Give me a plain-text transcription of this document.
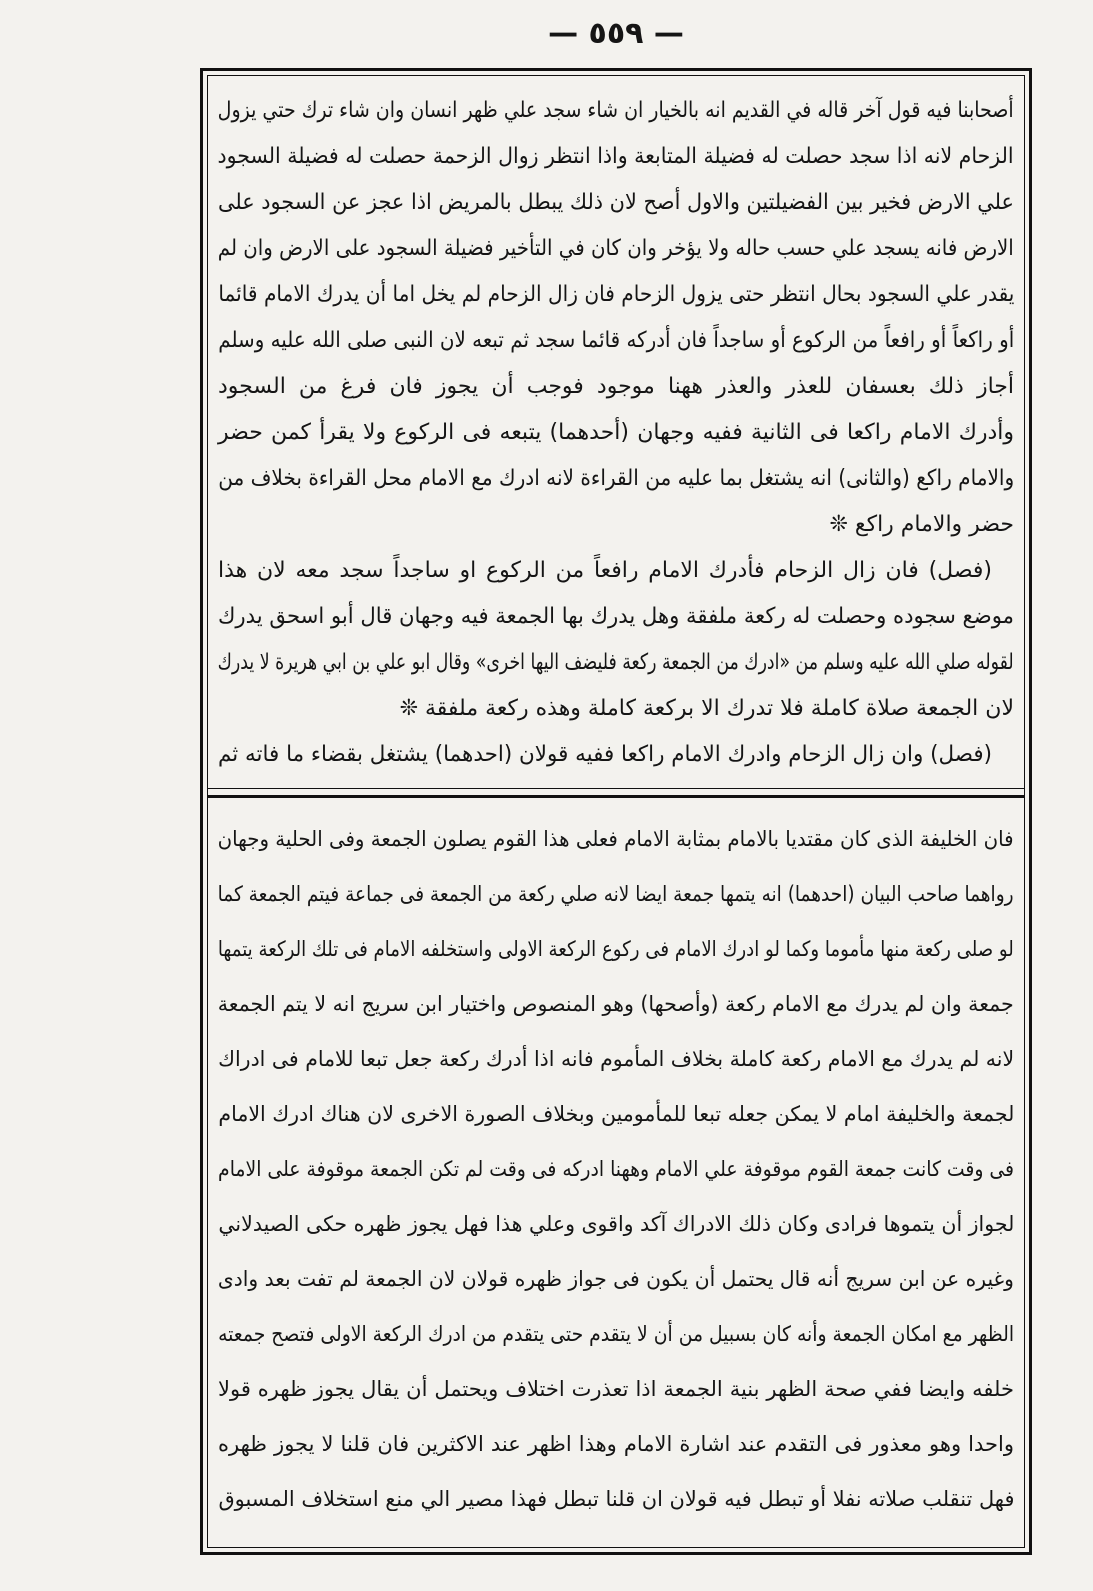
— ٥٥٩ —
أصحابنا فيه قول آخر قاله في القديم انه بالخيار ان شاء سجد علي ظهر انسان وان شاء ترك حتي يزول
الزحام لانه اذا سجد حصلت له فضيلة المتابعة واذا انتظر زوال الزحمة حصلت له فضيلة السجود
علي الارض فخير بين الفضيلتين والاول أصح لان ذلك يبطل بالمريض اذا عجز عن السجود على
الارض فانه يسجد علي حسب حاله ولا يؤخر وان كان في التأخير فضيلة السجود على الارض وان لم
يقدر علي السجود بحال انتظر حتى يزول الزحام فان زال الزحام لم يخل اما أن يدرك الامام قائما
أو راكعاً أو رافعاً من الركوع أو ساجداً فان أدركه قائما سجد ثم تبعه لان النبى صلى الله عليه وسلم
أجاز ذلك بعسفان للعذر والعذر ههنا موجود فوجب أن يجوز فان فرغ من السجود
وأدرك الامام راكعا فى الثانية ففيه وجهان (أحدهما) يتبعه فى الركوع ولا يقرأ كمن حضر
والامام راكع (والثانى) انه يشتغل بما عليه من القراءة لانه ادرك مع الامام محل القراءة بخلاف من
حضر والامام راكع ❊
(فصل) فان زال الزحام فأدرك الامام رافعاً من الركوع او ساجداً سجد معه لان هذا
موضع سجوده وحصلت له ركعة ملفقة وهل يدرك بها الجمعة فيه وجهان قال أبو اسحق يدرك
لقوله صلي الله عليه وسلم من «ادرك من الجمعة ركعة فليضف اليها اخرى» وقال ابو علي بن ابي هريرة لا يدرك
لان الجمعة صلاة كاملة فلا تدرك الا بركعة كاملة وهذه ركعة ملفقة ❊
(فصل) وان زال الزحام وادرك الامام راكعا ففيه قولان (احدهما) يشتغل بقضاء ما فاته ثم
فان الخليفة الذى كان مقتديا بالامام بمثابة الامام فعلى هذا القوم يصلون الجمعة وفى الحلية وجهان
رواهما صاحب البيان (احدهما) انه يتمها جمعة ايضا لانه صلي ركعة من الجمعة فى جماعة فيتم الجمعة كما
لو صلى ركعة منها مأموما وكما لو ادرك الامام فى ركوع الركعة الاولى واستخلفه الامام فى تلك الركعة يتمها
جمعة وان لم يدرك مع الامام ركعة (وأصحها) وهو المنصوص واختيار ابن سريج انه لا يتم الجمعة
لانه لم يدرك مع الامام ركعة كاملة بخلاف المأموم فانه اذا أدرك ركعة جعل تبعا للامام فى ادراك
لجمعة والخليفة امام لا يمكن جعله تبعا للمأمومين وبخلاف الصورة الاخرى لان هناك ادرك الامام
فى وقت كانت جمعة القوم موقوفة علي الامام وههنا ادركه فى وقت لم تكن الجمعة موقوفة على الامام
لجواز أن يتموها فرادى وكان ذلك الادراك آكد واقوى وعلي هذا فهل يجوز ظهره حكى الصيدلاني
وغيره عن ابن سريج أنه قال يحتمل أن يكون فى جواز ظهره قولان لان الجمعة لم تفت بعد وادى
الظهر مع امكان الجمعة وأنه كان بسبيل من أن لا يتقدم حتى يتقدم من ادرك الركعة الاولى فتصح جمعته
خلفه وايضا ففي صحة الظهر بنية الجمعة اذا تعذرت اختلاف ويحتمل أن يقال يجوز ظهره قولا
واحدا وهو معذور فى التقدم عند اشارة الامام وهذا اظهر عند الاكثرين فان قلنا لا يجوز ظهره
فهل تنقلب صلاته نفلا أو تبطل فيه قولان ان قلنا تبطل فهذا مصير الي منع استخلاف المسبوق
